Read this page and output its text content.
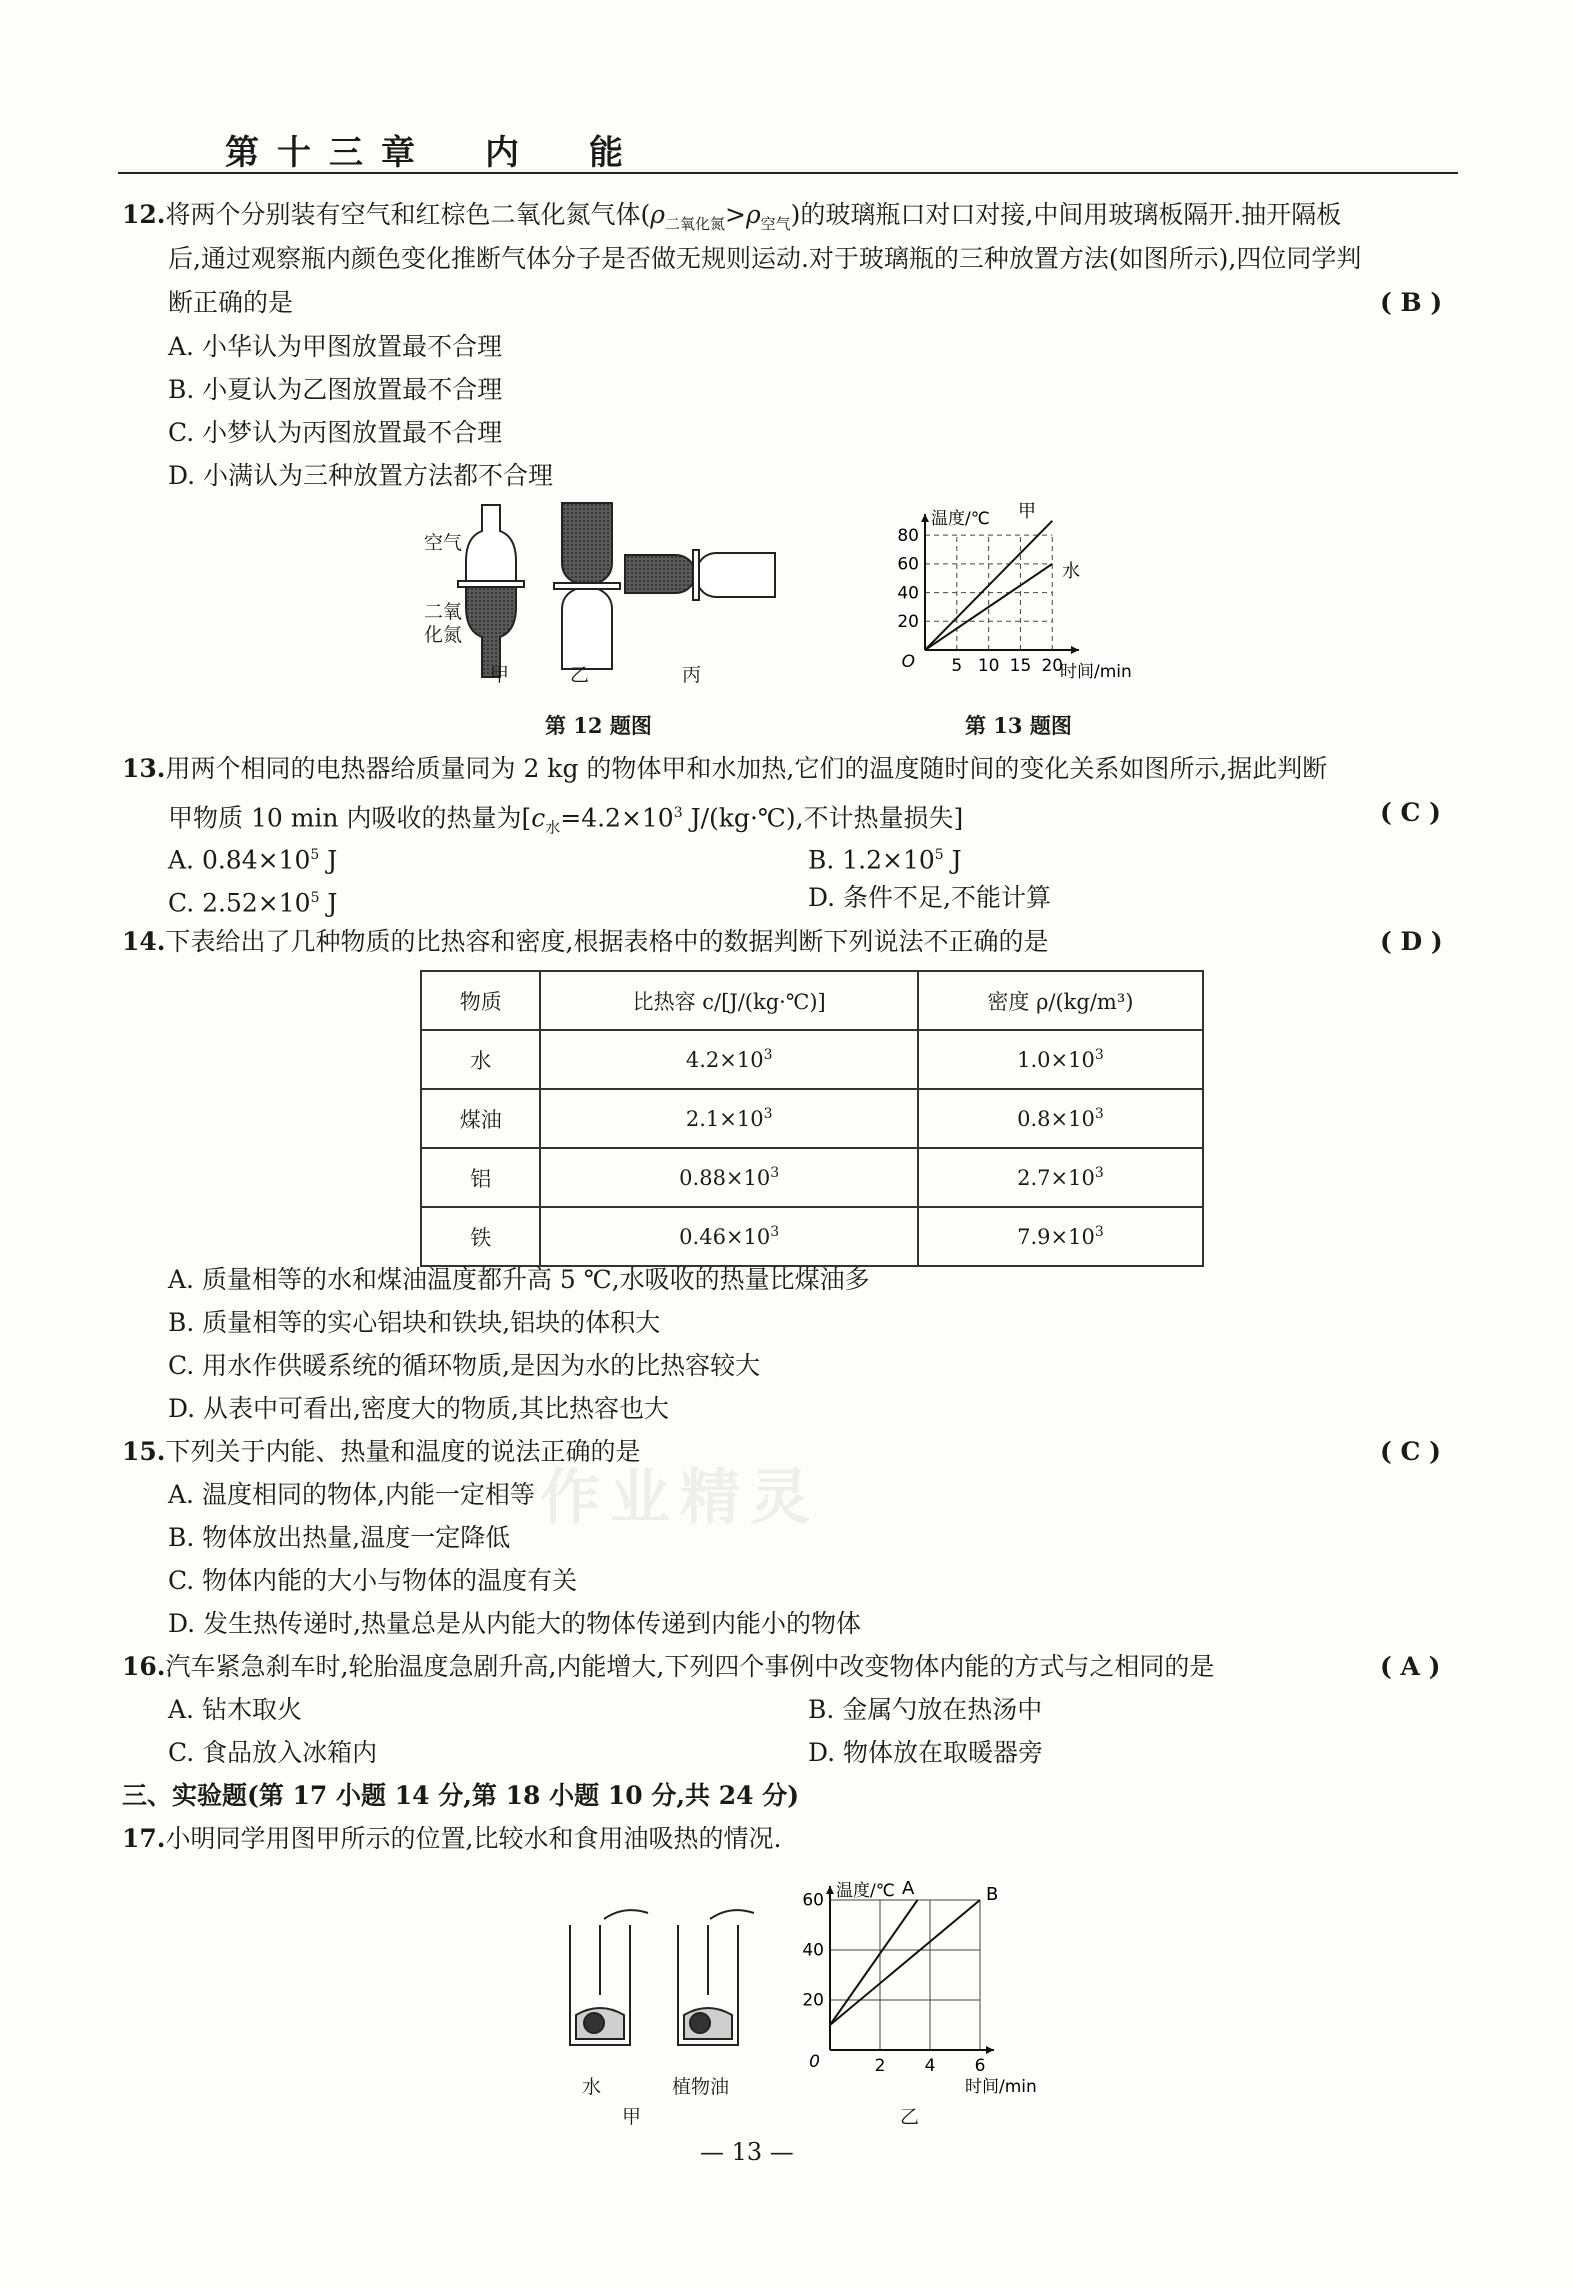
第十三章　内　能
12.将两个分别装有空气和红棕色二氧化氮气体$(\rho_{二氧化氮}>\rho_{空气})$的玻璃瓶口对口对接,中间用玻璃板隔开.抽开隔板
后,通过观察瓶内颜色变化推断气体分子是否做无规则运动.对于玻璃瓶的三种放置方法(如图所示),四位同学判
断正确的是	( B )
A. 小华认为甲图放置最不合理
B. 小夏认为乙图放置最不合理
C. 小梦认为丙图放置最不合理
D. 小满认为三种放置方法都不合理
空气
二氧
化氮
甲	乙	丙
第 12 题图
5 10 15 20
20
40
60
80
O
温度/℃
时间/min
甲
水
第 13 题图
13.用两个相同的电热器给质量同为 2 kg 的物体甲和水加热,它们的温度随时间的变化关系如图所示,据此判断
甲物质 10 min 内吸收的热量为[$c_水=4.2\times 10^3$ J/(kg·℃),不计热量损失]	( C )
A. $0.84\times 10^5$ J	B. $1.2\times 10^5$ J
C. $2.52\times 10^5$ J	D. 条件不足,不能计算
14.下表给出了几种物质的比热容和密度,根据表格中的数据判断下列说法不正确的是	( D )
物质	比热容 c/[J/(kg·℃)]	密度 ρ/(kg/m³)
水	$4.2\times 10^3$	$1.0\times 10^3$
煤油	$2.1\times 10^3$	$0.8\times 10^3$
铝	$0.88\times 10^3$	$2.7\times 10^3$
铁	$0.46\times 10^3$	$7.9\times 10^3$
A. 质量相等的水和煤油温度都升高 5 ℃,水吸收的热量比煤油多
B. 质量相等的实心铝块和铁块,铝块的体积大
C. 用水作供暖系统的循环物质,是因为水的比热容较大
D. 从表中可看出,密度大的物质,其比热容也大
15.下列关于内能、热量和温度的说法正确的是	( C )
A. 温度相同的物体,内能一定相等
B. 物体放出热量,温度一定降低
C. 物体内能的大小与物体的温度有关
D. 发生热传递时,热量总是从内能大的物体传递到内能小的物体
16.汽车紧急刹车时,轮胎温度急剧升高,内能增大,下列四个事例中改变物体内能的方式与之相同的是	( A )
A. 钻木取火	B. 金属勺放在热汤中
C. 食品放入冰箱内	D. 物体放在取暖器旁
三、实验题(第 17 小题 14 分,第 18 小题 10 分,共 24 分)
17.小明同学用图甲所示的位置,比较水和食用油吸热的情况.
水	植物油
甲
2 4 6
20
40
60
0
温度/℃
时间/min
A	B
乙
作业精灵
— 13 —
